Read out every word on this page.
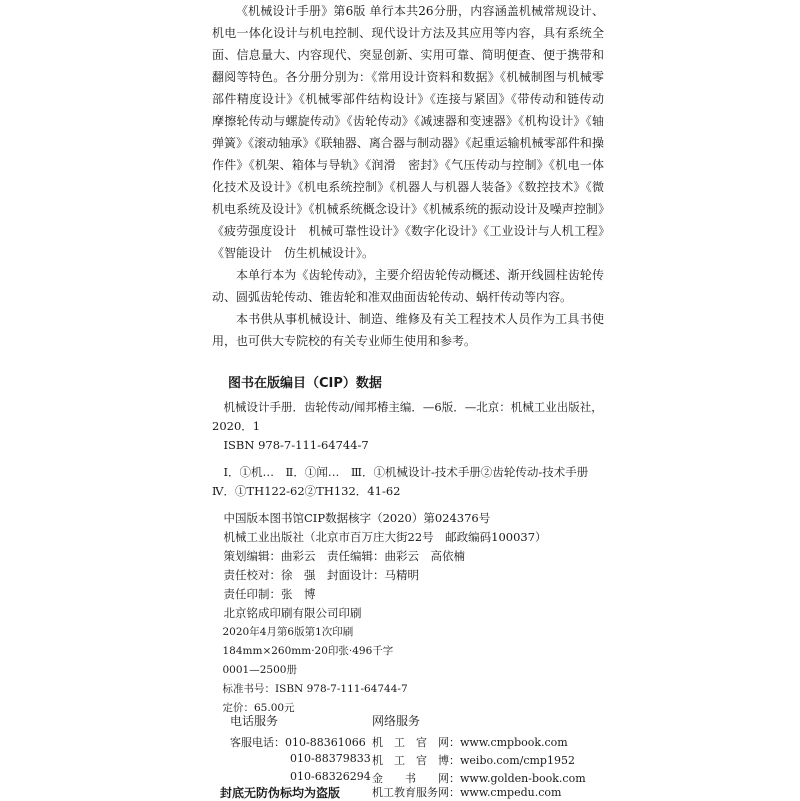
《机械设计手册》第6版 单行本共26分册，内容涵盖机械常规设计、机电一体化设计与机电控制、现代设计方法及其应用等内容，具有系统全面、信息量大、内容现代、突显创新、实用可靠、简明便查、便于携带和翻阅等特色。各分册分别为：《常用设计资料和数据》《机械制图与机械零部件精度设计》《机械零部件结构设计》《连接与紧固》《带传动和链传动　摩擦轮传动与螺旋传动》《齿轮传动》《减速器和变速器》《机构设计》《轴　弹簧》《滚动轴承》《联轴器、离合器与制动器》《起重运输机械零部件和操作件》《机架、箱体与导轨》《润滑　密封》《气压传动与控制》《机电一体化技术及设计》《机电系统控制》《机器人与机器人装备》《数控技术》《微机电系统及设计》《机械系统概念设计》《机械系统的振动设计及噪声控制》《疲劳强度设计　机械可靠性设计》《数字化设计》《工业设计与人机工程》《智能设计　仿生机械设计》。

本单行本为《齿轮传动》，主要介绍齿轮传动概述、渐开线圆柱齿轮传动、圆弧齿轮传动、锥齿轮和准双曲面齿轮传动、蜗杆传动等内容。

本书供从事机械设计、制造、维修及有关工程技术人员作为工具书使用，也可供大专院校的有关专业师生使用和参考。

图书在版编目（CIP）数据

机械设计手册．齿轮传动/闻邦椿主编．—6版．—北京：机械工业出版社，2020．1

ISBN 978-7-111-64744-7

Ⅰ．①机…　Ⅱ．①闻…　Ⅲ．①机械设计-技术手册②齿轮传动-技术手册　Ⅳ．①TH122-62②TH132．41-62

中国版本图书馆CIP数据核字（2020）第024376号

机械工业出版社（北京市百万庄大街22号　邮政编码100037）

策划编辑：曲彩云　责任编辑：曲彩云　高依楠

责任校对：徐　强　封面设计：马精明

责任印制：张　博

北京铭成印刷有限公司印刷

2020年4月第6版第1次印刷

184mm×260mm·20印张·496千字

0001—2500册

标准书号：ISBN 978-7-111-64744-7

定价：65.00元

电话服务	网络服务
客服电话：010-88361066
010-88379833
010-68326294
机　工　官　网：www.cmpbook.com
机　工　官　博：weibo.com/cmp1952
金　　书　　网：www.golden-book.com
封底无防伪标均为盗版	机工教育服务网：www.cmpedu.com
